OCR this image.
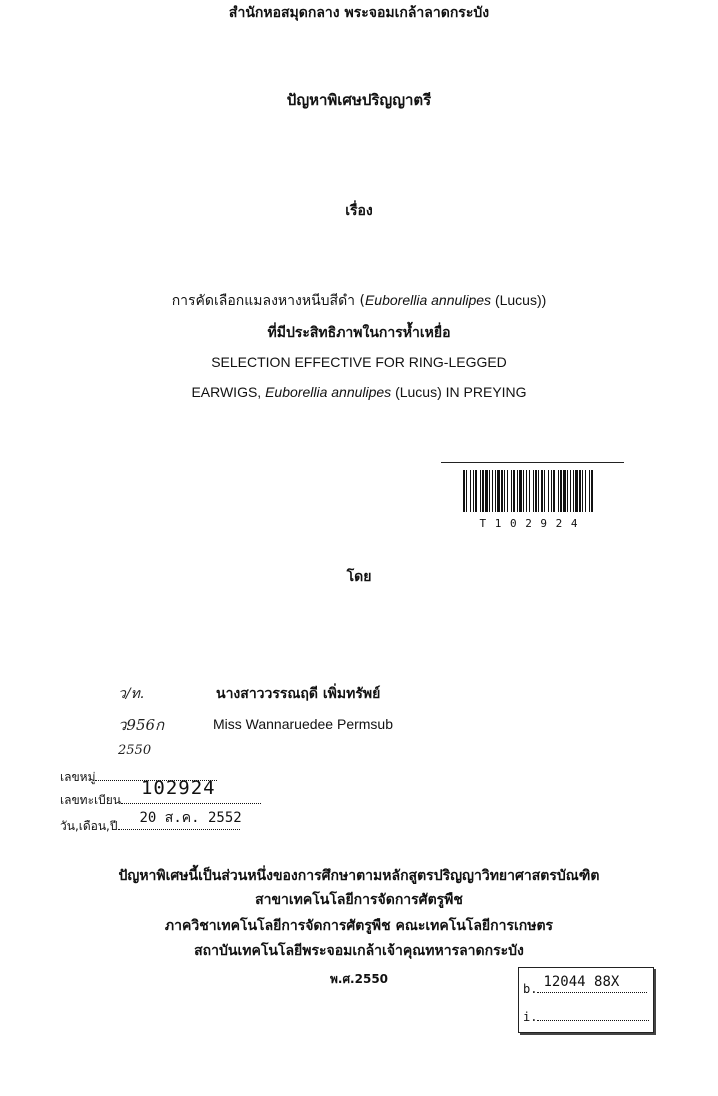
สำนักหอสมุดกลาง พระจอมเกล้าลาดกระบัง
ปัญหาพิเศษปริญญาตรี
เรื่อง
การคัดเลือกแมลงหางหนีบสีดำ (Euborellia annulipes (Lucus))
ที่มีประสิทธิภาพในการห้ำเหยื่อ
SELECTION EFFECTIVE FOR RING-LEGGED
EARWIGS, Euborellia annulipes (Lucus) IN PREYING
T 1 0 2 9 2 4
โดย
ว/ท.	นางสาววรรณฤดี เพิ่มทรัพย์
ว956ก	Miss Wannaruedee Permsub
2550
เลขหมู่
เลขทะเบียน
102924
วัน,เดือน,ปี 20 ส.ค. 2552
ปัญหาพิเศษนี้เป็นส่วนหนึ่งของการศึกษาตามหลักสูตรปริญญาวิทยาศาสตรบัณฑิต
สาขาเทคโนโลยีการจัดการศัตรูพืช
ภาควิชาเทคโนโลยีการจัดการศัตรูพืช คณะเทคโนโลยีการเกษตร
สถาบันเทคโนโลยีพระจอมเกล้าเจ้าคุณทหารลาดกระบัง
พ.ศ.2550
b. 12044 88X
i.
